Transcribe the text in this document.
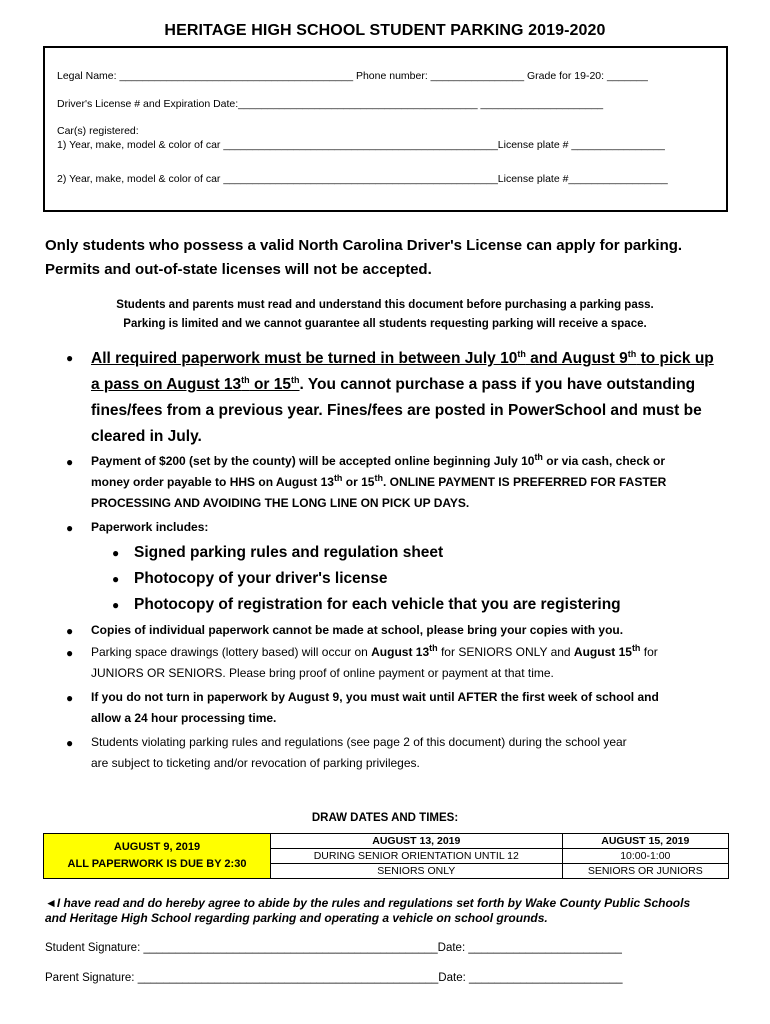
HERITAGE HIGH SCHOOL STUDENT PARKING 2019-2020
Legal Name: ________________________________________ Phone number: ________________ Grade for 19-20: _______
Driver's License # and Expiration Date:_________________________________________ _____________________
Car(s) registered:
1) Year, make, model & color of car _______________________________________________License plate # ________________
2) Year, make, model & color of car _______________________________________________License plate #_________________
Only students who possess a valid North Carolina Driver's License can apply for parking.
Permits and out-of-state licenses will not be accepted.
Students and parents must read and understand this document before purchasing a parking pass.
Parking is limited and we cannot guarantee all students requesting parking will receive a space.
● All required paperwork must be turned in between July 10th and August 9th to pick up
a pass on August 13th or 15th. You cannot purchase a pass if you have outstanding
fines/fees from a previous year. Fines/fees are posted in PowerSchool and must be
cleared in July.
● Payment of $200 (set by the county) will be accepted online beginning July 10th or via cash, check or
money order payable to HHS on August 13th or 15th. ONLINE PAYMENT IS PREFERRED FOR FASTER
PROCESSING AND AVOIDING THE LONG LINE ON PICK UP DAYS.
● Paperwork includes:
● Signed parking rules and regulation sheet
● Photocopy of your driver's license
● Photocopy of registration for each vehicle that you are registering
● Copies of individual paperwork cannot be made at school, please bring your copies with you.
● Parking space drawings (lottery based) will occur on August 13th for SENIORS ONLY and August 15th for
JUNIORS OR SENIORS. Please bring proof of online payment or payment at that time.
● If you do not turn in paperwork by August 9, you must wait until AFTER the first week of school and
allow a 24 hour processing time.
● Students violating parking rules and regulations (see page 2 of this document) during the school year
are subject to ticketing and/or revocation of parking privileges.
DRAW DATES AND TIMES:
AUGUST 9, 2019
ALL PAPERWORK IS DUE BY 2:30	AUGUST 13, 2019	AUGUST 15, 2019
	DURING SENIOR ORIENTATION UNTIL 12	10:00-1:00
	SENIORS ONLY	SENIORS OR JUNIORS
◄I have read and do hereby agree to abide by the rules and regulations set forth by Wake County Public Schools
and Heritage High School regarding parking and operating a vehicle on school grounds.
Student Signature: ______________________________________________Date: ________________________
Parent Signature: _______________________________________________Date: ________________________
